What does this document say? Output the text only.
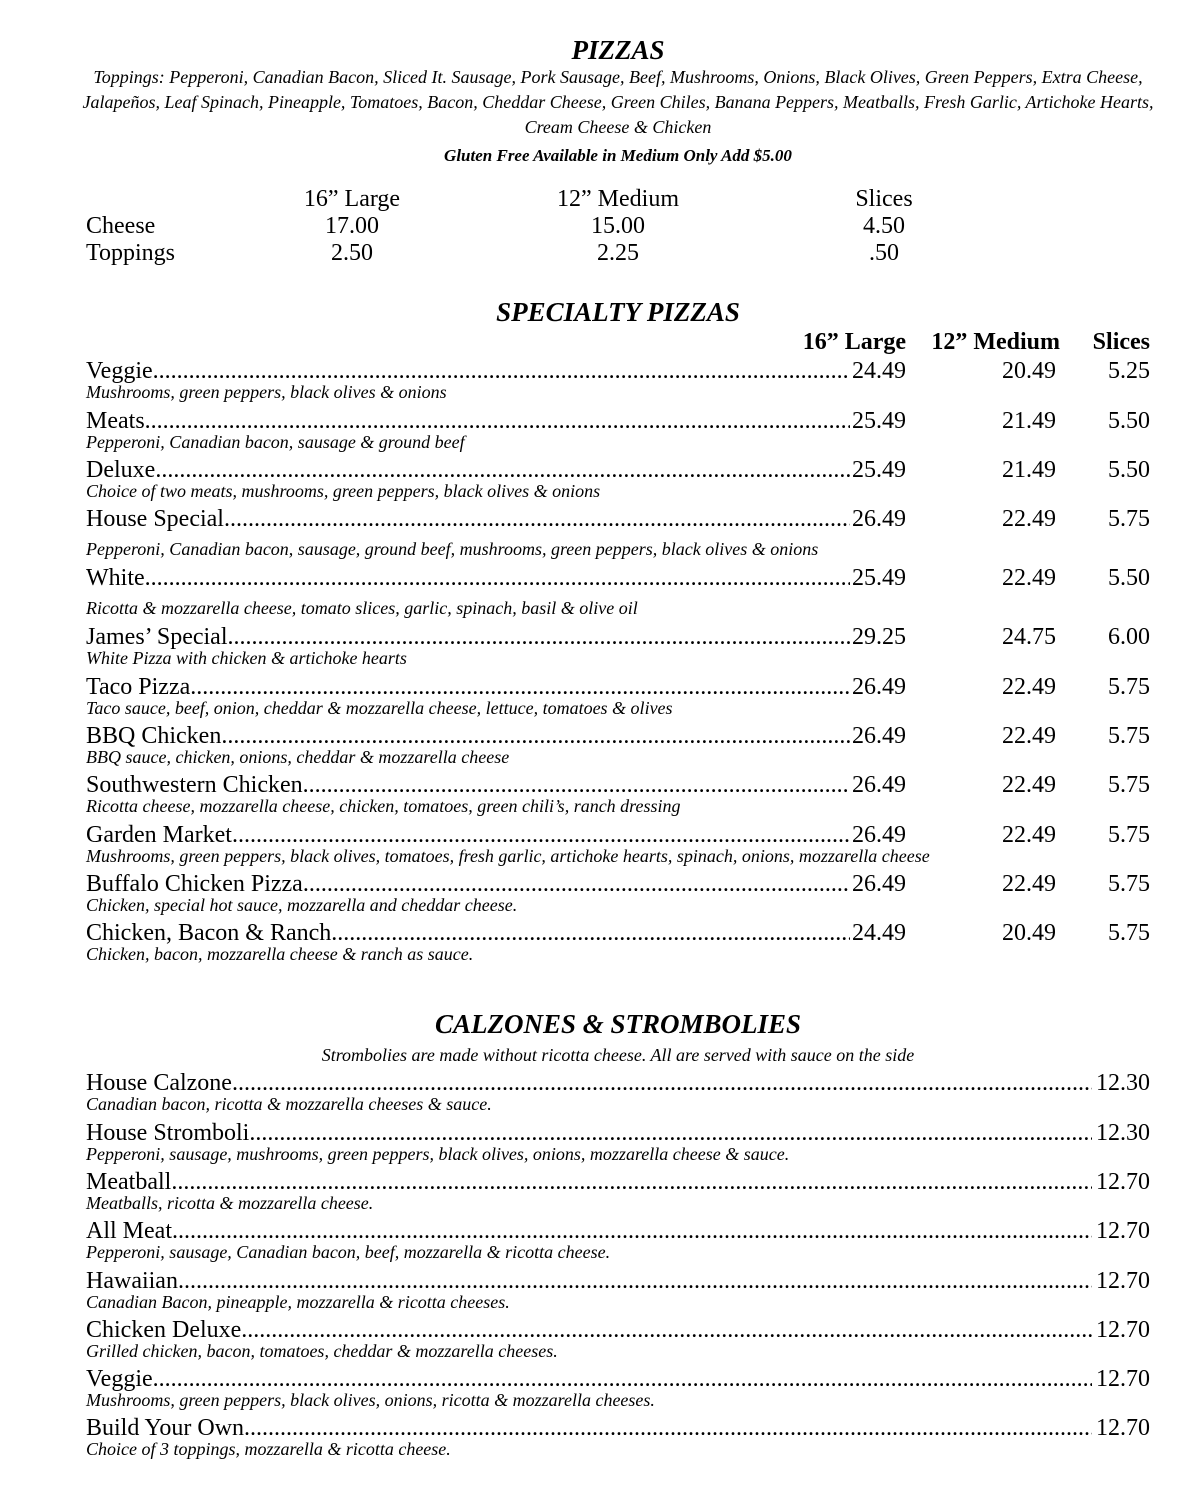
PIZZAS
Toppings: Pepperoni, Canadian Bacon, Sliced It. Sausage, Pork Sausage, Beef, Mushrooms, Onions, Black Olives, Green Peppers, Extra Cheese, Jalapeños, Leaf Spinach, Pineapple, Tomatoes, Bacon, Cheddar Cheese, Green Chiles, Banana Peppers, Meatballs, Fresh Garlic, Artichoke Hearts, Cream Cheese & Chicken
Gluten Free Available in Medium Only Add $5.00
16” Large	12” Medium	Slices
Cheese	17.00	15.00	4.50
Toppings	2.50	2.25	.50
SPECIALTY PIZZAS
16” Large	12” Medium	Slices
Veggie .....	24.49	20.49	5.25
Mushrooms, green peppers, black olives & onions
Meats .....	25.49	21.49	5.50
Pepperoni, Canadian bacon, sausage & ground beef
Deluxe .....	25.49	21.49	5.50
Choice of two meats, mushrooms, green peppers, black olives & onions
House Special .....	26.49	22.49	5.75
Pepperoni, Canadian bacon, sausage, ground beef, mushrooms, green peppers, black olives & onions
White .....	25.49	22.49	5.50
Ricotta & mozzarella cheese, tomato slices, garlic, spinach, basil & olive oil
James’ Special .....	29.25	24.75	6.00
White Pizza with chicken & artichoke hearts
Taco Pizza .....	26.49	22.49	5.75
Taco sauce, beef, onion, cheddar & mozzarella cheese, lettuce, tomatoes & olives
BBQ Chicken .....	26.49	22.49	5.75
BBQ sauce, chicken, onions, cheddar & mozzarella cheese
Southwestern Chicken .....	26.49	22.49	5.75
Ricotta cheese, mozzarella cheese, chicken, tomatoes, green chili’s, ranch dressing
Garden Market .....	26.49	22.49	5.75
Mushrooms, green peppers, black olives, tomatoes, fresh garlic, artichoke hearts, spinach, onions, mozzarella cheese
Buffalo Chicken Pizza .....	26.49	22.49	5.75
Chicken, special hot sauce, mozzarella and cheddar cheese.
Chicken, Bacon & Ranch .....	24.49	20.49	5.75
Chicken, bacon, mozzarella cheese & ranch as sauce.
CALZONES & STROMBOLIES
Strombolies are made without ricotta cheese. All are served with sauce on the side
House Calzone .....	12.30
Canadian bacon, ricotta & mozzarella cheeses & sauce.
House Stromboli .....	12.30
Pepperoni, sausage, mushrooms, green peppers, black olives, onions, mozzarella cheese & sauce.
Meatball .....	12.70
Meatballs, ricotta & mozzarella cheese.
All Meat .....	12.70
Pepperoni, sausage, Canadian bacon, beef, mozzarella & ricotta cheese.
Hawaiian .....	12.70
Canadian Bacon, pineapple, mozzarella & ricotta cheeses.
Chicken Deluxe .....	12.70
Grilled chicken, bacon, tomatoes, cheddar & mozzarella cheeses.
Veggie .....	12.70
Mushrooms, green peppers, black olives, onions, ricotta & mozzarella cheeses.
Build Your Own .....	12.70
Choice of 3 toppings, mozzarella & ricotta cheese.
